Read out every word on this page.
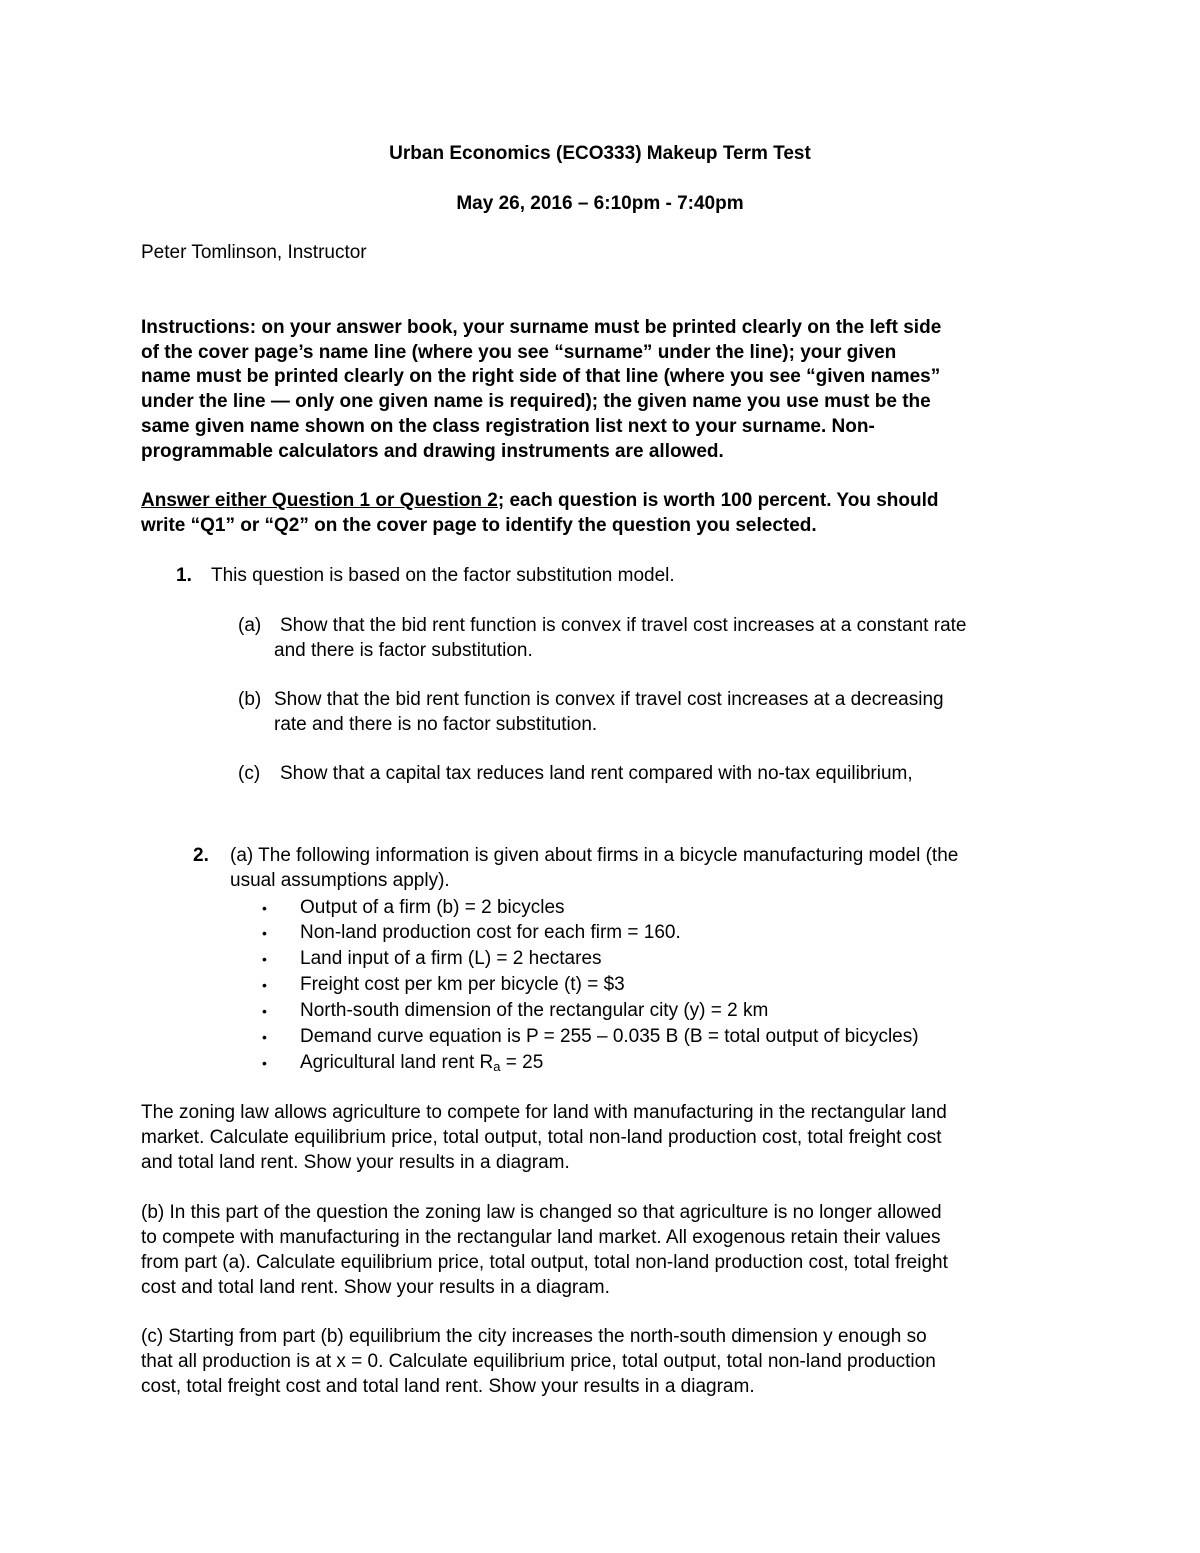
Urban Economics (ECO333) Makeup Term Test
May 26, 2016 – 6:10pm - 7:40pm
Peter Tomlinson, Instructor
Instructions: on your answer book, your surname must be printed clearly on the left side
of the cover page’s name line (where you see “surname” under the line); your given
name must be printed clearly on the right side of that line (where you see “given names”
under the line — only one given name is required); the given name you use must be the
same given name shown on the class registration list next to your surname. Non-
programmable calculators and drawing instruments are allowed.
Answer either Question 1 or Question 2; each question is worth 100 percent. You should
write “Q1” or “Q2” on the cover page to identify the question you selected.
1. This question is based on the factor substitution model.
(a) Show that the bid rent function is convex if travel cost increases at a constant rate
and there is factor substitution.
(b) Show that the bid rent function is convex if travel cost increases at a decreasing
rate and there is no factor substitution.
(c) Show that a capital tax reduces land rent compared with no-tax equilibrium,
2. (a) The following information is given about firms in a bicycle manufacturing model (the
usual assumptions apply).
• Output of a firm (b) = 2 bicycles
• Non-land production cost for each firm = 160.
• Land input of a firm (L) = 2 hectares
• Freight cost per km per bicycle (t) = $3
• North-south dimension of the rectangular city (y) = 2 km
• Demand curve equation is P = 255 – 0.035 B (B = total output of bicycles)
• Agricultural land rent $R_a = 25$
The zoning law allows agriculture to compete for land with manufacturing in the rectangular land
market. Calculate equilibrium price, total output, total non-land production cost, total freight cost
and total land rent. Show your results in a diagram.
(b) In this part of the question the zoning law is changed so that agriculture is no longer allowed
to compete with manufacturing in the rectangular land market. All exogenous retain their values
from part (a). Calculate equilibrium price, total output, total non-land production cost, total freight
cost and total land rent. Show your results in a diagram.
(c) Starting from part (b) equilibrium the city increases the north-south dimension y enough so
that all production is at x = 0. Calculate equilibrium price, total output, total non-land production
cost, total freight cost and total land rent. Show your results in a diagram.
